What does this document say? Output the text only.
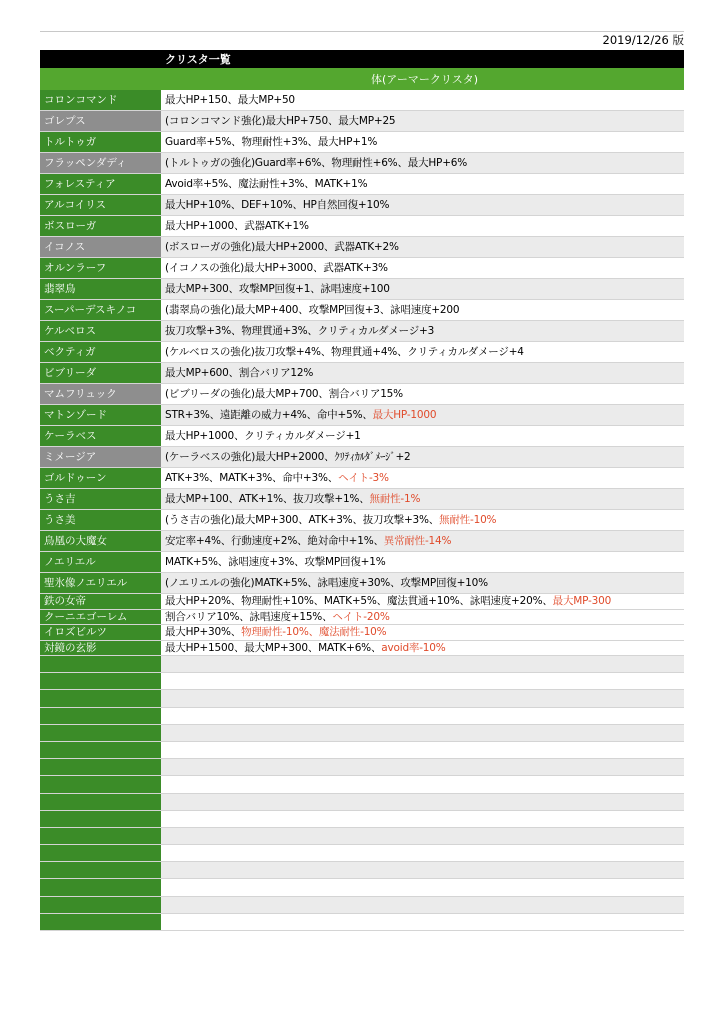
	2019/12/26 版
	クリスタ一覧
	体(アーマークリスタ)
コロンコマンド	最大HP+150、最大MP+50
ゴレプス	(コロンコマンド強化)最大HP+750、最大MP+25
トルトゥガ	Guard率+5%、物理耐性+3%、最大HP+1%
フラッペンダディ	(トルトゥガの強化)Guard率+6%、物理耐性+6%、最大HP+6%
フォレスティア	Avoid率+5%、魔法耐性+3%、MATK+1%
アルコイリス	最大HP+10%、DEF+10%、HP自然回復+10%
ボスローガ	最大HP+1000、武器ATK+1%
イコノス	(ボスローガの強化)最大HP+2000、武器ATK+2%
オルンラーフ	(イコノスの強化)最大HP+3000、武器ATK+3%
翡翠鳥	最大MP+300、攻撃MP回復+1、詠唱速度+100
スーパーデスキノコ	(翡翠鳥の強化)最大MP+400、攻撃MP回復+3、詠唱速度+200
ケルベロス	抜刀攻撃+3%、物理貫通+3%、クリティカルダメージ+3
ベクティガ	(ケルベロスの強化)抜刀攻撃+4%、物理貫通+4%、クリティカルダメージ+4
ビブリーダ	最大MP+600、割合バリア12%
マムフリュック	(ビブリーダの強化)最大MP+700、割合バリア15%
マトンゾード	STR+3%、遠距離の威力+4%、命中+5%、最大HP-1000
ケーラベス	最大HP+1000、クリティカルダメージ+1
ミメージア	(ケーラベスの強化)最大HP+2000、ｸﾘﾃｨｶﾙﾀﾞﾒｰｼﾞ+2
ゴルドゥーン	ATK+3%、MATK+3%、命中+3%、ヘイト-3%
うさ吉	最大MP+100、ATK+1%、抜刀攻撃+1%、無耐性-1%
うさ美	(うさ吉の強化)最大MP+300、ATK+3%、抜刀攻撃+3%、無耐性-10%
鳥凰の大魔女	安定率+4%、行動速度+2%、絶対命中+1%、異常耐性-14%
ノエリエル	MATK+5%、詠唱速度+3%、攻撃MP回復+1%
聖氷像ノエリエル	(ノエリエルの強化)MATK+5%、詠唱速度+30%、攻撃MP回復+10%
鉄の女帝	最大HP+20%、物理耐性+10%、MATK+5%、魔法貫通+10%、詠唱速度+20%、最大MP-300
クーニエゴーレム	割合バリア10%、詠唱速度+15%、ヘイト-20%
イロズビルツ	最大HP+30%、物理耐性-10%、魔法耐性-10%
対鏡の玄影	最大HP+1500、最大MP+300、MATK+6%、avoid率-10%
